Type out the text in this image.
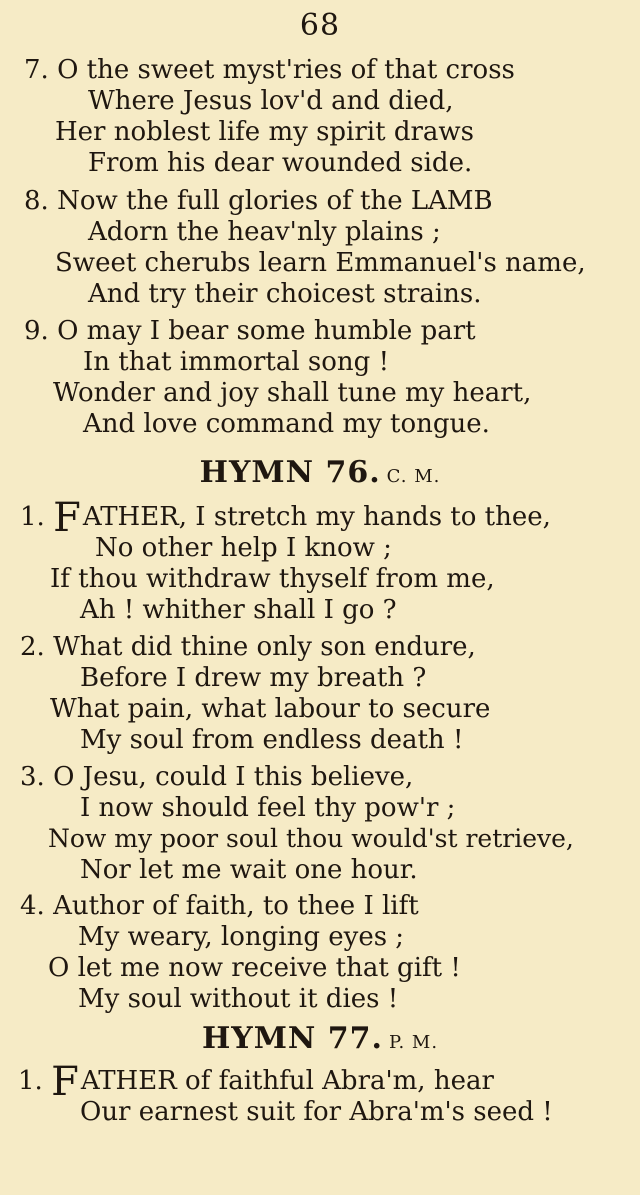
68
7. O the sweet myst'ries of that cross
Where Jesus lov'd and died,
Her noblest life my spirit draws
From his dear wounded side.
8. Now the full glories of the LAMB
Adorn the heav'nly plains ;
Sweet cherubs learn Emmanuel's name,
And try their choicest strains.
9. O may I bear some humble part
In that immortal song !
Wonder and joy shall tune my heart,
And love command my tongue.
HYMN 76. C. M.
1. FATHER, I stretch my hands to thee,
No other help I know ;
If thou withdraw thyself from me,
Ah ! whither shall I go ?
2. What did thine only son endure,
Before I drew my breath ?
What pain, what labour to secure
My soul from endless death !
3. O Jesu, could I this believe,
I now should feel thy pow'r ;
Now my poor soul thou would'st retrieve,
Nor let me wait one hour.
4. Author of faith, to thee I lift
My weary, longing eyes ;
O let me now receive that gift !
My soul without it dies !
HYMN 77. P. M.
1. FATHER of faithful Abra'm, hear
Our earnest suit for Abra'm's seed !
